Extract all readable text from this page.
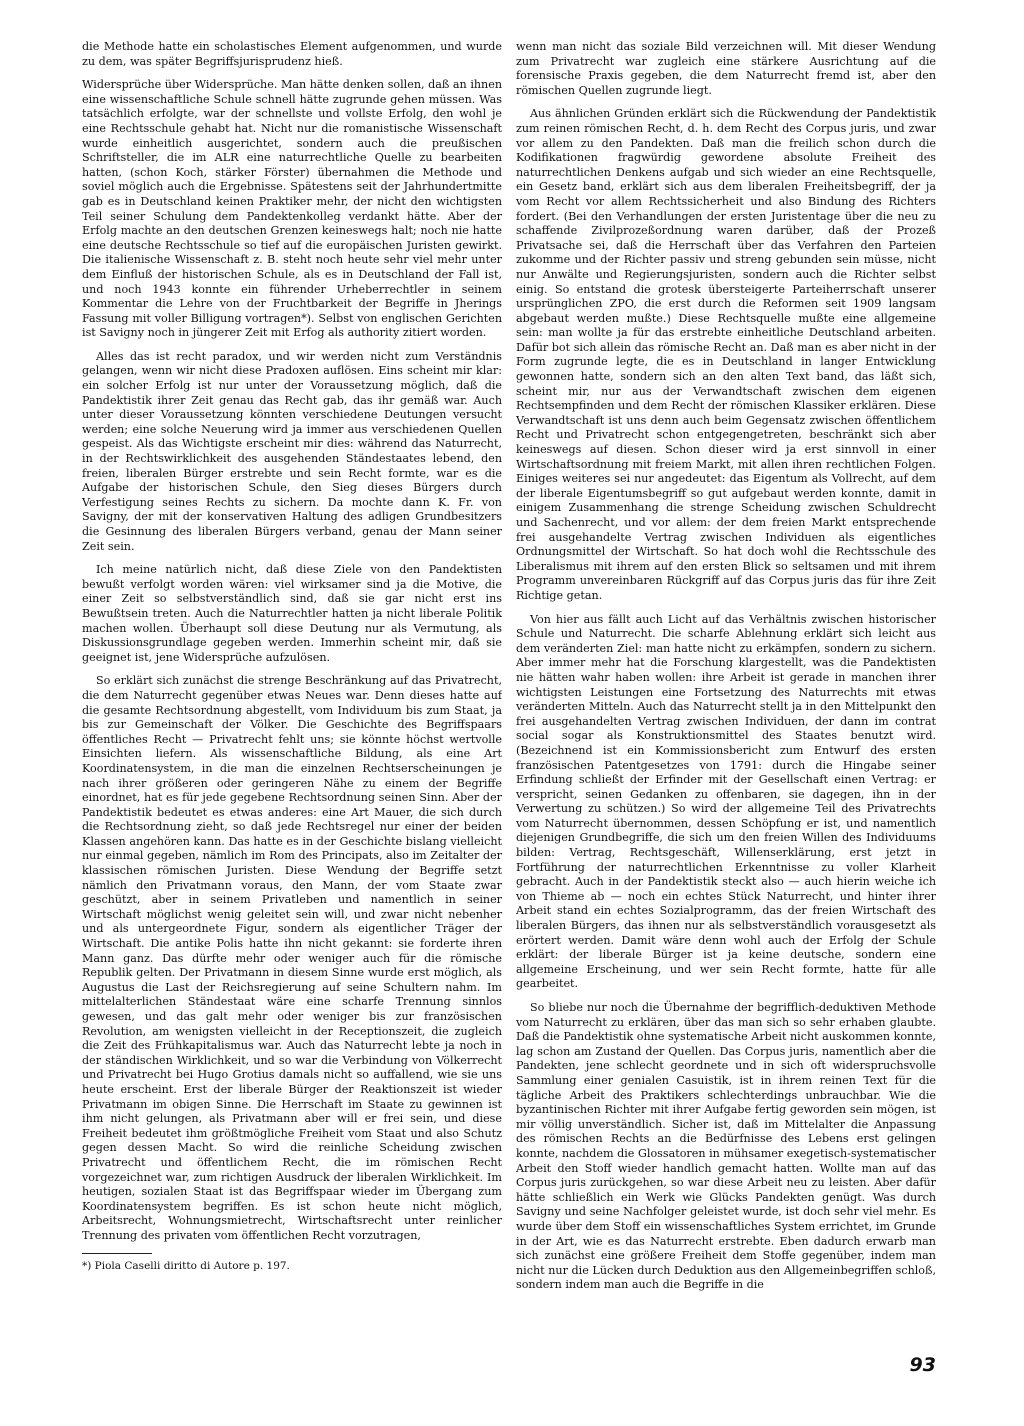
die Methode hatte ein scholastisches Element aufgenommen, und wurde zu dem, was später Begriffsjurisprudenz hieß.

Widersprüche über Widersprüche. Man hätte denken sollen, daß an ihnen eine wissenschaftliche Schule schnell hätte zugrunde gehen müssen. Was tatsächlich erfolgte, war der schnellste und vollste Erfolg, den wohl je eine Rechtsschule gehabt hat. Nicht nur die romanistische Wissenschaft wurde einheitlich ausgerichtet, sondern auch die preußischen Schriftsteller, die im ALR eine naturrechtliche Quelle zu bearbeiten hatten, (schon Koch, stärker Förster) übernahmen die Methode und soviel möglich auch die Ergebnisse. Spätestens seit der Jahrhundertmitte gab es in Deutschland keinen Praktiker mehr, der nicht den wichtigsten Teil seiner Schulung dem Pandektenkolleg verdankt hätte. Aber der Erfolg machte an den deutschen Grenzen keineswegs halt; noch nie hatte eine deutsche Rechtsschule so tief auf die europäischen Juristen gewirkt. Die italienische Wissenschaft z. B. steht noch heute sehr viel mehr unter dem Einfluß der historischen Schule, als es in Deutschland der Fall ist, und noch 1943 konnte ein führender Urheberrechtler in seinem Kommentar die Lehre von der Fruchtbarkeit der Begriffe in Jherings Fassung mit voller Billigung vortragen*). Selbst von englischen Gerichten ist Savigny noch in jüngerer Zeit mit Erfog als authority zitiert worden.

Alles das ist recht paradox, und wir werden nicht zum Verständnis gelangen, wenn wir nicht diese Pradoxen auflösen. Eins scheint mir klar: ein solcher Erfolg ist nur unter der Voraussetzung möglich, daß die Pandektistik ihrer Zeit genau das Recht gab, das ihr gemäß war. Auch unter dieser Voraussetzung könnten verschiedene Deutungen versucht werden; eine solche Neuerung wird ja immer aus verschiedenen Quellen gespeist. Als das Wichtigste erscheint mir dies: während das Naturrecht, in der Rechtswirklichkeit des ausgehenden Ständestaates lebend, den freien, liberalen Bürger erstrebte und sein Recht formte, war es die Aufgabe der historischen Schule, den Sieg dieses Bürgers durch Verfestigung seines Rechts zu sichern. Da mochte dann K. Fr. von Savigny, der mit der konservativen Haltung des adligen Grundbesitzers die Gesinnung des liberalen Bürgers verband, genau der Mann seiner Zeit sein.

Ich meine natürlich nicht, daß diese Ziele von den Pandektisten bewußt verfolgt worden wären: viel wirksamer sind ja die Motive, die einer Zeit so selbstverständlich sind, daß sie gar nicht erst ins Bewußtsein treten. Auch die Naturrechtler hatten ja nicht liberale Politik machen wollen. Überhaupt soll diese Deutung nur als Vermutung, als Diskussionsgrundlage gegeben werden. Immerhin scheint mir, daß sie geeignet ist, jene Widersprüche aufzulösen.

So erklärt sich zunächst die strenge Beschränkung auf das Privatrecht, die dem Naturrecht gegenüber etwas Neues war. Denn dieses hatte auf die gesamte Rechtsordnung abgestellt, vom Individuum bis zum Staat, ja bis zur Gemeinschaft der Völker. Die Geschichte des Begriffspaars öffentliches Recht — Privatrecht fehlt uns; sie könnte höchst wertvolle Einsichten liefern. Als wissenschaftliche Bildung, als eine Art Koordinatensystem, in die man die einzelnen Rechtserscheinungen je nach ihrer größeren oder geringeren Nähe zu einem der Begriffe einordnet, hat es für jede gegebene Rechtsordnung seinen Sinn. Aber der Pandektistik bedeutet es etwas anderes: eine Art Mauer, die sich durch die Rechtsordnung zieht, so daß jede Rechtsregel nur einer der beiden Klassen angehören kann. Das hatte es in der Geschichte bislang vielleicht nur einmal gegeben, nämlich im Rom des Principats, also im Zeitalter der klassischen römischen Juristen. Diese Wendung der Begriffe setzt nämlich den Privatmann voraus, den Mann, der vom Staate zwar geschützt, aber in seinem Privatleben und namentlich in seiner Wirtschaft möglichst wenig geleitet sein will, und zwar nicht nebenher und als untergeordnete Figur, sondern als eigentlicher Träger der Wirtschaft. Die antike Polis hatte ihn nicht gekannt: sie forderte ihren Mann ganz. Das dürfte mehr oder weniger auch für die römische Republik gelten. Der Privatmann in diesem Sinne wurde erst möglich, als Augustus die Last der Reichsregierung auf seine Schultern nahm. Im mittelalterlichen Ständestaat wäre eine scharfe Trennung sinnlos gewesen, und das galt mehr oder weniger bis zur französischen Revolution, am wenigsten vielleicht in der Receptionszeit, die zugleich die Zeit des Frühkapitalismus war. Auch das Naturrecht lebte ja noch in der ständischen Wirklichkeit, und so war die Verbindung von Völkerrecht und Privatrecht bei Hugo Grotius damals nicht so auffallend, wie sie uns heute erscheint. Erst der liberale Bürger der Reaktionszeit ist wieder Privatmann im obigen Sinne. Die Herrschaft im Staate zu gewinnen ist ihm nicht gelungen, als Privatmann aber will er frei sein, und diese Freiheit bedeutet ihm größtmögliche Freiheit vom Staat und also Schutz gegen dessen Macht. So wird die reinliche Scheidung zwischen Privatrecht und öffentlichem Recht, die im römischen Recht vorgezeichnet war, zum richtigen Ausdruck der liberalen Wirklichkeit. Im heutigen, sozialen Staat ist das Begriffspaar wieder im Übergang zum Koordinatensystem begriffen. Es ist schon heute nicht möglich, Arbeitsrecht, Wohnungsmietrecht, Wirtschaftsrecht unter reinlicher Trennung des privaten vom öffentlichen Recht vorzutragen,

*) Piola Caselli diritto di Autore p. 197.

wenn man nicht das soziale Bild verzeichnen will. Mit dieser Wendung zum Privatrecht war zugleich eine stärkere Ausrichtung auf die forensische Praxis gegeben, die dem Naturrecht fremd ist, aber den römischen Quellen zugrunde liegt.

Aus ähnlichen Gründen erklärt sich die Rückwendung der Pandektistik zum reinen römischen Recht, d. h. dem Recht des Corpus juris, und zwar vor allem zu den Pandekten. Daß man die freilich schon durch die Kodifikationen fragwürdig gewordene absolute Freiheit des naturrechtlichen Denkens aufgab und sich wieder an eine Rechtsquelle, ein Gesetz band, erklärt sich aus dem liberalen Freiheitsbegriff, der ja vom Recht vor allem Rechtssicherheit und also Bindung des Richters fordert. (Bei den Verhandlungen der ersten Juristentage über die neu zu schaffende Zivilprozeßordnung waren darüber, daß der Prozeß Privatsache sei, daß die Herrschaft über das Verfahren den Parteien zukomme und der Richter passiv und streng gebunden sein müsse, nicht nur Anwälte und Regierungsjuristen, sondern auch die Richter selbst einig. So entstand die grotesk übersteigerte Parteiherrschaft unserer ursprünglichen ZPO, die erst durch die Reformen seit 1909 langsam abgebaut werden mußte.) Diese Rechtsquelle mußte eine allgemeine sein: man wollte ja für das erstrebte einheitliche Deutschland arbeiten. Dafür bot sich allein das römische Recht an. Daß man es aber nicht in der Form zugrunde legte, die es in Deutschland in langer Entwicklung gewonnen hatte, sondern sich an den alten Text band, das läßt sich, scheint mir, nur aus der Verwandtschaft zwischen dem eigenen Rechtsempfinden und dem Recht der römischen Klassiker erklären. Diese Verwandtschaft ist uns denn auch beim Gegensatz zwischen öffentlichem Recht und Privatrecht schon entgegengetreten, beschränkt sich aber keineswegs auf diesen. Schon dieser wird ja erst sinnvoll in einer Wirtschaftsordnung mit freiem Markt, mit allen ihren rechtlichen Folgen. Einiges weiteres sei nur angedeutet: das Eigentum als Vollrecht, auf dem der liberale Eigentumsbegriff so gut aufgebaut werden konnte, damit in einigem Zusammenhang die strenge Scheidung zwischen Schuldrecht und Sachenrecht, und vor allem: der dem freien Markt entsprechende frei ausgehandelte Vertrag zwischen Individuen als eigentliches Ordnungsmittel der Wirtschaft. So hat doch wohl die Rechtsschule des Liberalismus mit ihrem auf den ersten Blick so seltsamen und mit ihrem Programm unvereinbaren Rückgriff auf das Corpus juris das für ihre Zeit Richtige getan.

Von hier aus fällt auch Licht auf das Verhältnis zwischen historischer Schule und Naturrecht. Die scharfe Ablehnung erklärt sich leicht aus dem veränderten Ziel: man hatte nicht zu erkämpfen, sondern zu sichern. Aber immer mehr hat die Forschung klargestellt, was die Pandektisten nie hätten wahr haben wollen: ihre Arbeit ist gerade in manchen ihrer wichtigsten Leistungen eine Fortsetzung des Naturrechts mit etwas veränderten Mitteln. Auch das Naturrecht stellt ja in den Mittelpunkt den frei ausgehandelten Vertrag zwischen Individuen, der dann im contrat social sogar als Konstruktionsmittel des Staates benutzt wird. (Bezeichnend ist ein Kommissionsbericht zum Entwurf des ersten französischen Patentgesetzes von 1791: durch die Hingabe seiner Erfindung schließt der Erfinder mit der Gesellschaft einen Vertrag: er verspricht, seinen Gedanken zu offenbaren, sie dagegen, ihn in der Verwertung zu schützen.) So wird der allgemeine Teil des Privatrechts vom Naturrecht übernommen, dessen Schöpfung er ist, und namentlich diejenigen Grundbegriffe, die sich um den freien Willen des Individuums bilden: Vertrag, Rechtsgeschäft, Willenserklärung, erst jetzt in Fortführung der naturrechtlichen Erkenntnisse zu voller Klarheit gebracht. Auch in der Pandektistik steckt also — auch hierin weiche ich von Thieme ab — noch ein echtes Stück Naturrecht, und hinter ihrer Arbeit stand ein echtes Sozialprogramm, das der freien Wirtschaft des liberalen Bürgers, das ihnen nur als selbstverständlich vorausgesetzt als erörtert werden. Damit wäre denn wohl auch der Erfolg der Schule erklärt: der liberale Bürger ist ja keine deutsche, sondern eine allgemeine Erscheinung, und wer sein Recht formte, hatte für alle gearbeitet.

So bliebe nur noch die Übernahme der begrifflich-deduktiven Methode vom Naturrecht zu erklären, über das man sich so sehr erhaben glaubte. Daß die Pandektistik ohne systematische Arbeit nicht auskommen konnte, lag schon am Zustand der Quellen. Das Corpus juris, namentlich aber die Pandekten, jene schlecht geordnete und in sich oft widerspruchsvolle Sammlung einer genialen Casuistik, ist in ihrem reinen Text für die tägliche Arbeit des Praktikers schlechterdings unbrauchbar. Wie die byzantinischen Richter mit ihrer Aufgabe fertig geworden sein mögen, ist mir völlig unverständlich. Sicher ist, daß im Mittelalter die Anpassung des römischen Rechts an die Bedürfnisse des Lebens erst gelingen konnte, nachdem die Glossatoren in mühsamer exegetisch-systematischer Arbeit den Stoff wieder handlich gemacht hatten. Wollte man auf das Corpus juris zurückgehen, so war diese Arbeit neu zu leisten. Aber dafür hätte schließlich ein Werk wie Glücks Pandekten genügt. Was durch Savigny und seine Nachfolger geleistet wurde, ist doch sehr viel mehr. Es wurde über dem Stoff ein wissenschaftliches System errichtet, im Grunde in der Art, wie es das Naturrecht erstrebte. Eben dadurch erwarb man sich zunächst eine größere Freiheit dem Stoffe gegenüber, indem man nicht nur die Lücken durch Deduktion aus den Allgemeinbegriffen schloß, sondern indem man auch die Begriffe in die

93
